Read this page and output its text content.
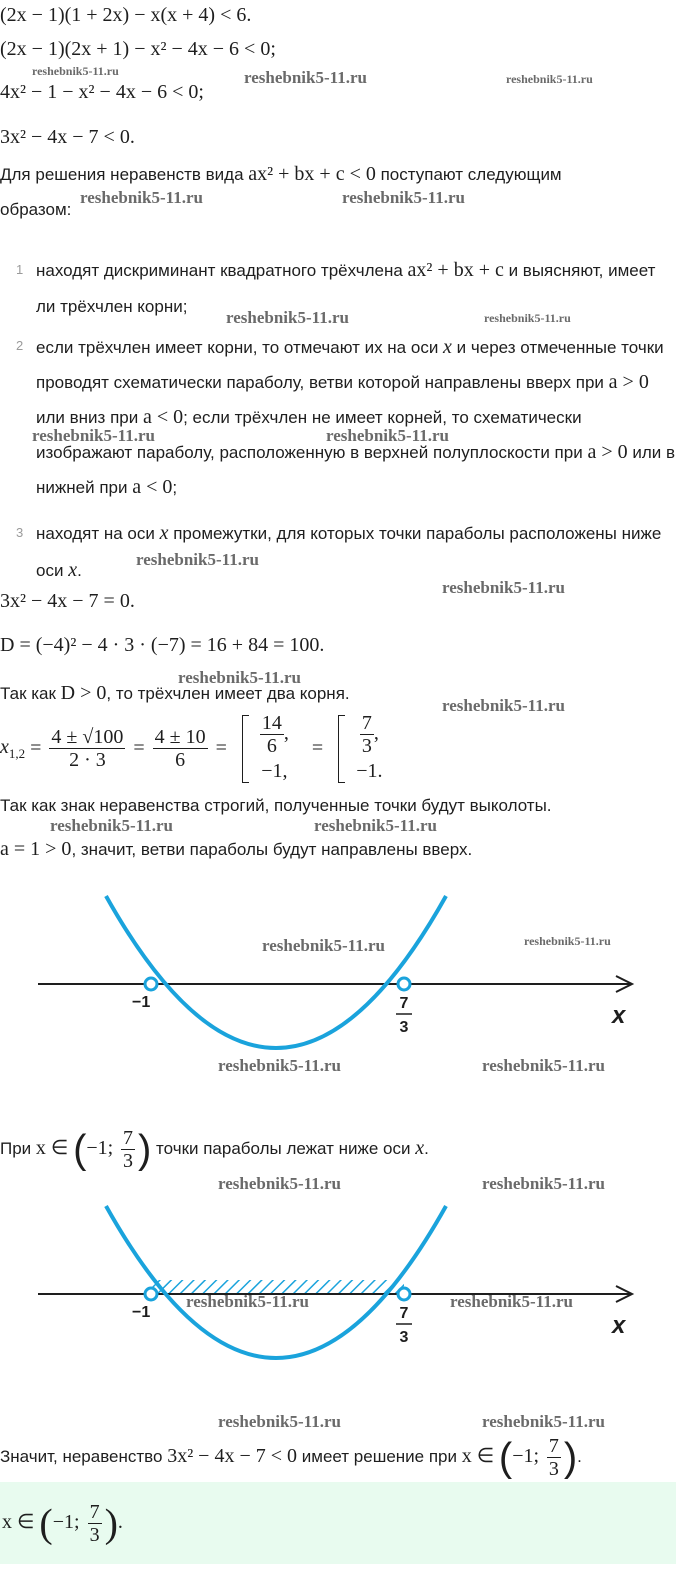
(2x − 1)(1 + 2x) − x(x + 4) < 6.
(2x − 1)(2x + 1) − x² − 4x − 6 < 0;
4x² − 1 − x² − 4x − 6 < 0;
3x² − 4x − 7 < 0.
Для решения неравенств вида ax² + bx + c < 0 поступают следующим
образом:
1 находят дискриминант квадратного трёхчлена ax² + bx + c и выясняют, имеет ли трёхчлен корни;
2 если трёхчлен имеет корни, то отмечают их на оси x и через отмеченные точки проводят схематически параболу, ветви которой направлены вверх при a > 0 или вниз при a < 0; если трёхчлен не имеет корней, то схематически изображают параболу, расположенную в верхней полуплоскости при a > 0 или в нижней при a < 0;
3 находят на оси x промежутки, для которых точки параболы расположены ниже оси x.
3x² − 4x − 7 = 0.
D = (−4)² − 4 · 3 · (−7) = 16 + 84 = 100.
Так как D > 0, то трёхчлен имеет два корня.
$x_{1,2} = \frac{4 \pm √100}{2 \cdot 3} = \frac{4 \pm 10}{6} = \frac{14}{6}$ ,
−1, = $\frac{7}{3}$ ,
−1.
Так как знак неравенства строгий, полученные точки будут выколоты.
a = 1 > 0, значит, ветви параболы будут направлены вверх.
−1	7
3	x
При x ∈ (−1; $\frac{7}{3}$ ) точки параболы лежат ниже оси x.
−1	7
3	x
Значит, неравенство 3x² − 4x − 7 < 0 имеет решение при x ∈ (−1; $\frac{7}{3}$ ).
x ∈ (−1; $\frac{7}{3}$ ).
reshebnik5-11.ru	reshebnik5-11.ru	reshebnik5-11.ru
reshebnik5-11.ru	reshebnik5-11.ru
reshebnik5-11.ru	reshebnik5-11.ru
reshebnik5-11.ru	reshebnik5-11.ru
reshebnik5-11.ru
reshebnik5-11.ru
reshebnik5-11.ru
reshebnik5-11.ru
reshebnik5-11.ru	reshebnik5-11.ru
reshebnik5-11.ru	reshebnik5-11.ru
reshebnik5-11.ru	reshebnik5-11.ru
reshebnik5-11.ru	reshebnik5-11.ru
reshebnik5-11.ru	reshebnik5-11.ru
reshebnik5-11.ru	reshebnik5-11.ru
